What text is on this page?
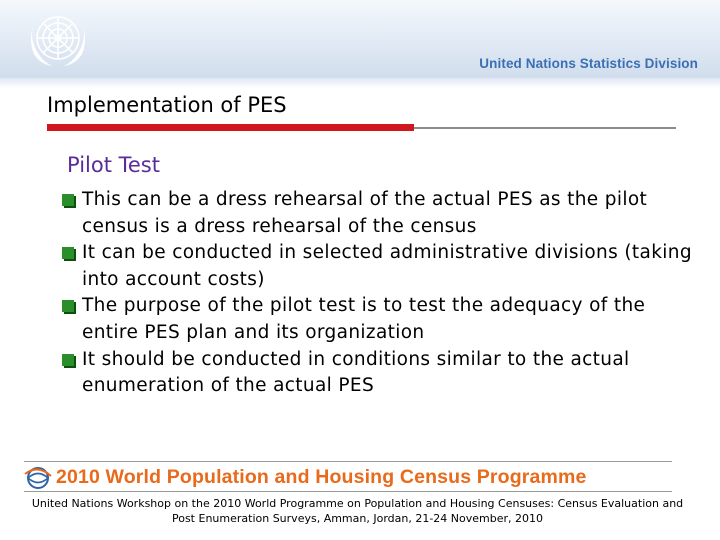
United Nations Statistics Division
Implementation of PES
Pilot Test
This can be a dress rehearsal of the actual PES as the pilot census is a dress rehearsal of the census
It can be conducted in selected administrative divisions (taking into account costs)
The purpose of the pilot test is to test the adequacy of the entire PES plan and its organization
It should be conducted in conditions similar to the actual enumeration of the actual PES
2010 World Population and Housing Census Programme
United Nations Workshop on the 2010 World Programme on Population and Housing Censuses: Census Evaluation and Post Enumeration Surveys, Amman, Jordan, 21-24 November, 2010
